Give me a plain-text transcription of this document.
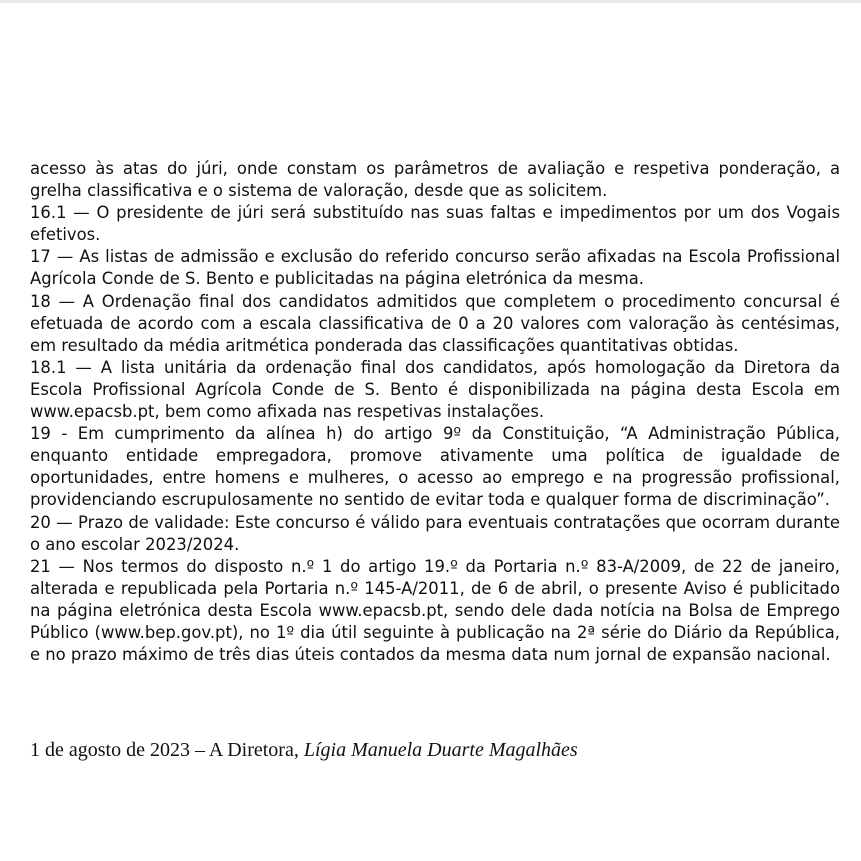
acesso às atas do júri, onde constam os parâmetros de avaliação e respetiva ponderação, a grelha classificativa e o sistema de valoração, desde que as solicitem.

16.1 — O presidente de júri será substituído nas suas faltas e impedimentos por um dos Vogais efetivos.

17 — As listas de admissão e exclusão do referido concurso serão afixadas na Escola Profissional Agrícola Conde de S. Bento e publicitadas na página eletrónica da mesma.

18 — A Ordenação final dos candidatos admitidos que completem o procedimento concursal é efetuada de acordo com a escala classificativa de 0 a 20 valores com valoração às centésimas, em resultado da média aritmética ponderada das classificações quantitativas obtidas.

18.1 — A lista unitária da ordenação final dos candidatos, após homologação da Diretora da Escola Profissional Agrícola Conde de S. Bento é disponibilizada na página desta Escola em www.epacsb.pt, bem como afixada nas respetivas instalações.

19 - Em cumprimento da alínea h) do artigo 9º da Constituição, “A Administração Pública, enquanto entidade empregadora, promove ativamente uma política de igualdade de oportunidades, entre homens e mulheres, o acesso ao emprego e na progressão profissional, providenciando escrupulosamente no sentido de evitar toda e qualquer forma de discriminação”.

20 — Prazo de validade: Este concurso é válido para eventuais contratações que ocorram durante o ano escolar 2023/2024.

21 — Nos termos do disposto n.º 1 do artigo 19.º da Portaria n.º 83-A/2009, de 22 de janeiro, alterada e republicada pela Portaria n.º 145-A/2011, de 6 de abril, o presente Aviso é publicitado na página eletrónica desta Escola www.epacsb.pt, sendo dele dada notícia na Bolsa de Emprego Público (www.bep.gov.pt), no 1º dia útil seguinte à publicação na 2ª série do Diário da República, e no prazo máximo de três dias úteis contados da mesma data num jornal de expansão nacional.

1 de agosto de 2023 – A Diretora, Lígia Manuela Duarte Magalhães
